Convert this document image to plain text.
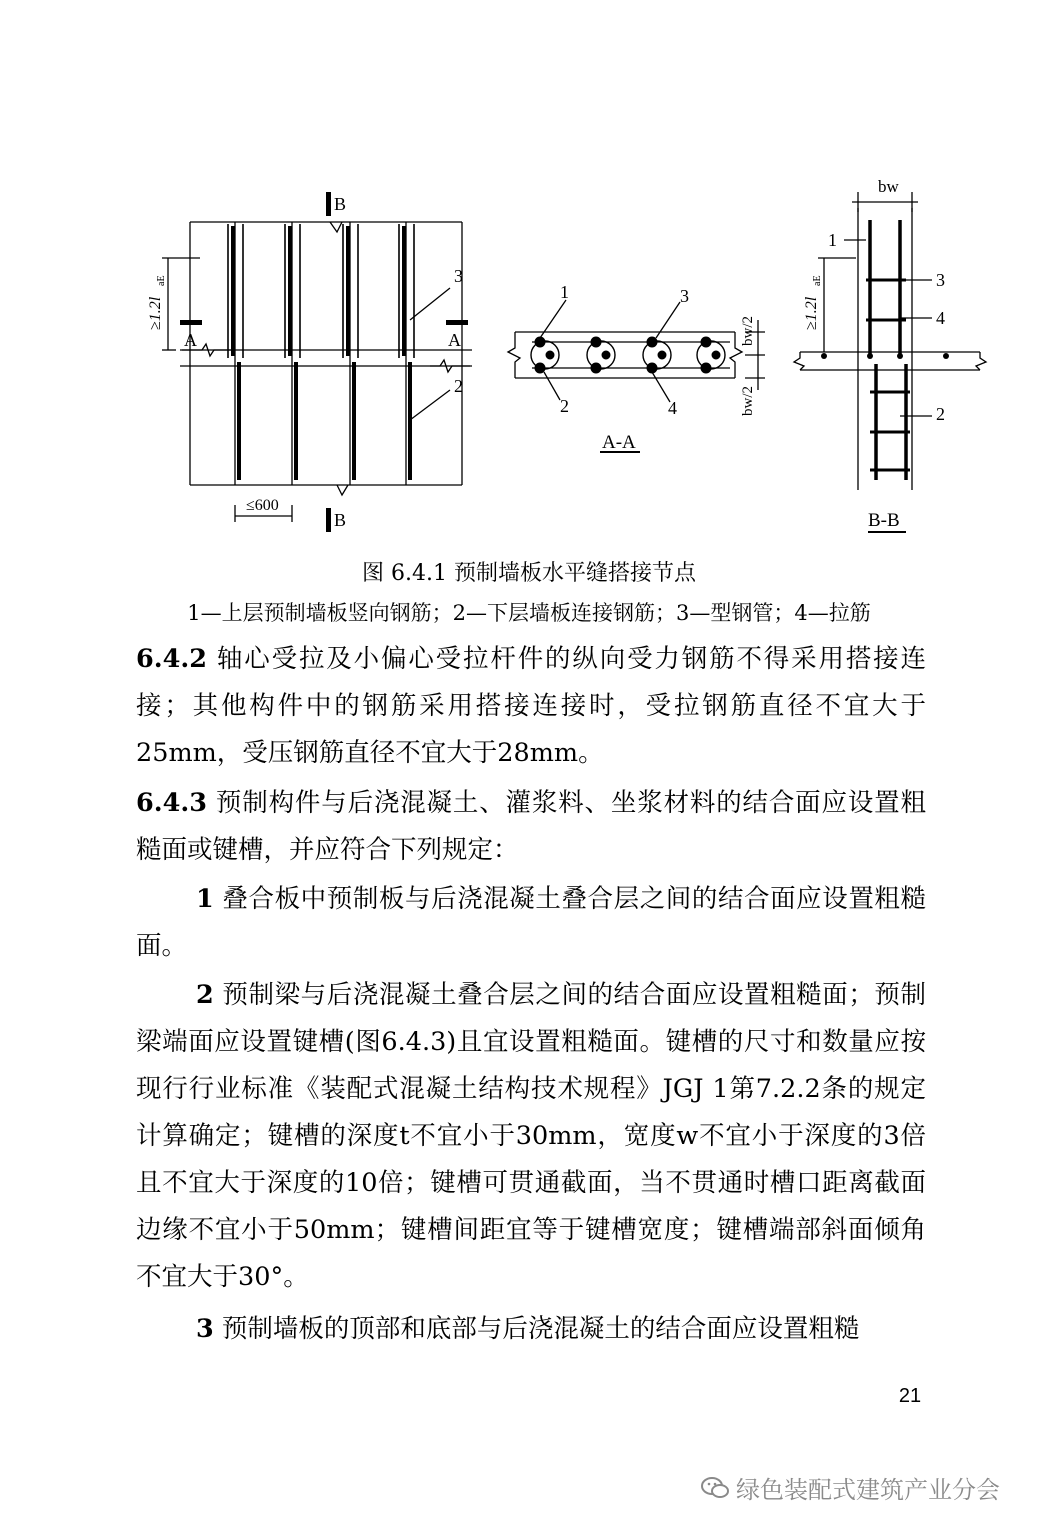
B
B
A	A
≥1.2l
aE
≤600
3
2
1	3
2	4
bw/2
bw/2
A-A
bw
1
3
4
2
≥1.2l
aE
B-B
图 6.4.1 预制墙板水平缝搭接节点
1—上层预制墙板竖向钢筋；2—下层墙板连接钢筋；3—型钢管；4—拉筋
6.4.2 轴心受拉及小偏心受拉杆件的纵向受力钢筋不得采用搭接连接；其他构件中的钢筋采用搭接连接时，受拉钢筋直径不宜大于25mm，受压钢筋直径不宜大于28mm。
6.4.3 预制构件与后浇混凝土、灌浆料、坐浆材料的结合面应设置粗糙面或键槽，并应符合下列规定：
1 叠合板中预制板与后浇混凝土叠合层之间的结合面应设置粗糙面。
2 预制梁与后浇混凝土叠合层之间的结合面应设置粗糙面；预制梁端面应设置键槽(图6.4.3)且宜设置粗糙面。键槽的尺寸和数量应按现行行业标准《装配式混凝土结构技术规程》JGJ 1第7.2.2条的规定计算确定；键槽的深度t不宜小于30mm，宽度w不宜小于深度的3倍且不宜大于深度的10倍；键槽可贯通截面，当不贯通时槽口距离截面边缘不宜小于50mm；键槽间距宜等于键槽宽度；键槽端部斜面倾角不宜大于30°。
3 预制墙板的顶部和底部与后浇混凝土的结合面应设置粗糙
21
绿色装配式建筑产业分会
